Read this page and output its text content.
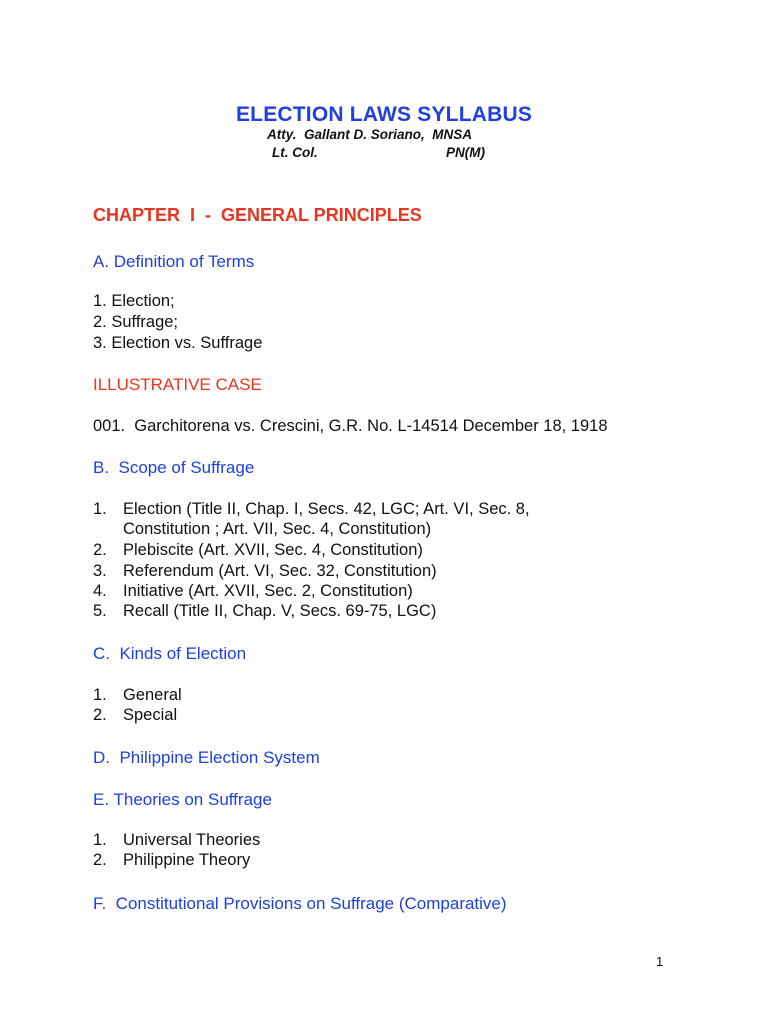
ELECTION LAWS SYLLABUS
Atty.  Gallant D. Soriano,  MNSA
Lt. Col.	PN(M)
CHAPTER  I  -  GENERAL PRINCIPLES
A. Definition of Terms
1. Election;
2. Suffrage;
3. Election vs. Suffrage
ILLUSTRATIVE CASE
001.  Garchitorena vs. Crescini, G.R. No. L-14514 December 18, 1918
B.  Scope of Suffrage
1. Election (Title II, Chap. I, Secs. 42, LGC; Art. VI, Sec. 8,
Constitution ; Art. VII, Sec. 4, Constitution)
2. Plebiscite (Art. XVII, Sec. 4, Constitution)
3. Referendum (Art. VI, Sec. 32, Constitution)
4. Initiative (Art. XVII, Sec. 2, Constitution)
5. Recall (Title II, Chap. V, Secs. 69-75, LGC)
C.  Kinds of Election
1. General
2. Special
D.  Philippine Election System
E. Theories on Suffrage
1. Universal Theories
2. Philippine Theory
F.  Constitutional Provisions on Suffrage (Comparative)
1
